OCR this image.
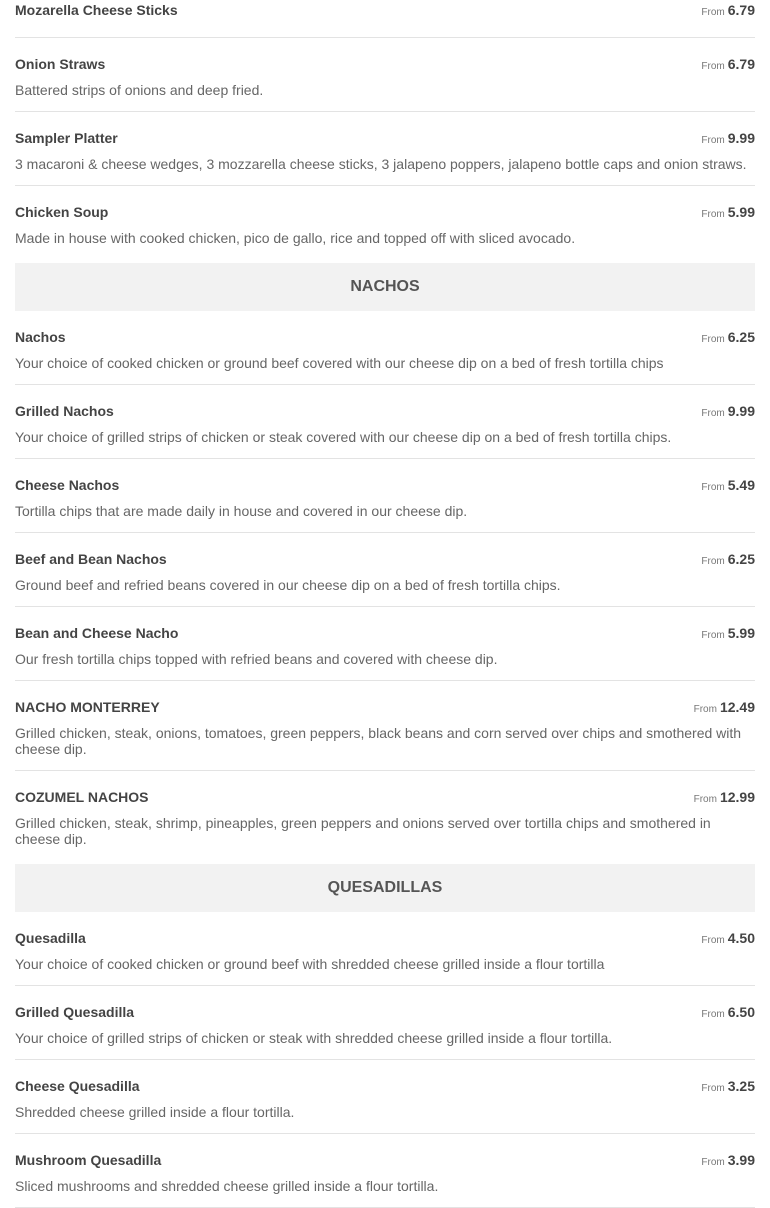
Mozarella Cheese Sticks	From 6.79
Onion Straws	From 6.79
Battered strips of onions and deep fried.
Sampler Platter	From 9.99
3 macaroni & cheese wedges, 3 mozzarella cheese sticks, 3 jalapeno poppers, jalapeno bottle caps and onion straws.
Chicken Soup	From 5.99
Made in house with cooked chicken, pico de gallo, rice and topped off with sliced avocado.
NACHOS
Nachos	From 6.25
Your choice of cooked chicken or ground beef covered with our cheese dip on a bed of fresh tortilla chips
Grilled Nachos	From 9.99
Your choice of grilled strips of chicken or steak covered with our cheese dip on a bed of fresh tortilla chips.
Cheese Nachos	From 5.49
Tortilla chips that are made daily in house and covered in our cheese dip.
Beef and Bean Nachos	From 6.25
Ground beef and refried beans covered in our cheese dip on a bed of fresh tortilla chips.
Bean and Cheese Nacho	From 5.99
Our fresh tortilla chips topped with refried beans and covered with cheese dip.
NACHO MONTERREY	From 12.49
Grilled chicken, steak, onions, tomatoes, green peppers, black beans and corn served over chips and smothered with cheese dip.
COZUMEL NACHOS	From 12.99
Grilled chicken, steak, shrimp, pineapples, green peppers and onions served over tortilla chips and smothered in cheese dip.
QUESADILLAS
Quesadilla	From 4.50
Your choice of cooked chicken or ground beef with shredded cheese grilled inside a flour tortilla
Grilled Quesadilla	From 6.50
Your choice of grilled strips of chicken or steak with shredded cheese grilled inside a flour tortilla.
Cheese Quesadilla	From 3.25
Shredded cheese grilled inside a flour tortilla.
Mushroom Quesadilla	From 3.99
Sliced mushrooms and shredded cheese grilled inside a flour tortilla.
